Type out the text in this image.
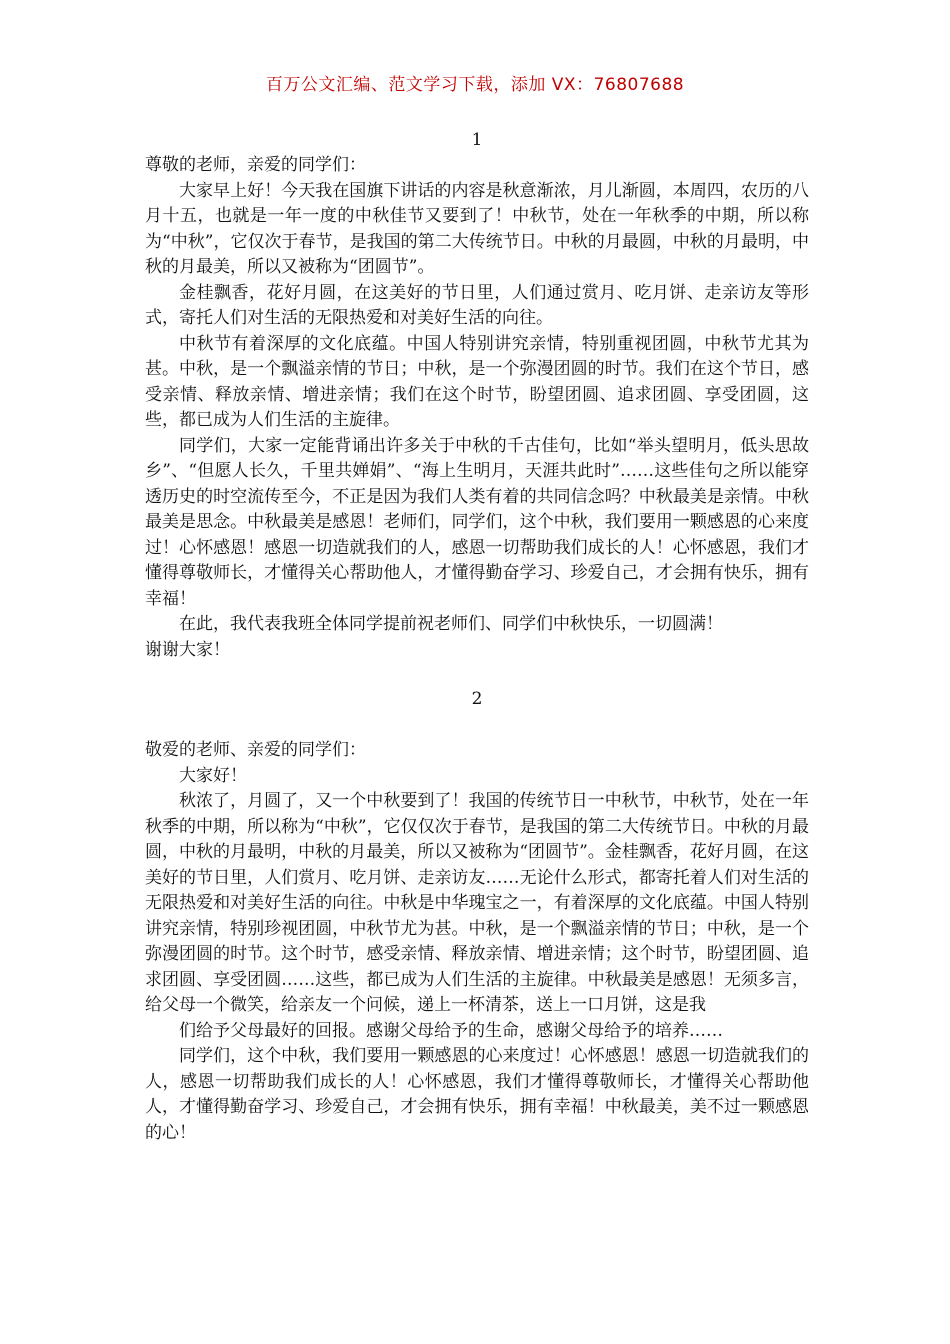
百万公文汇编、范文学习下载，添加 VX：76807688
1

尊敬的老师，亲爱的同学们：

大家早上好！今天我在国旗下讲话的内容是秋意渐浓，月儿渐圆，本周四，农历的八月十五，也就是一年一度的中秋佳节又要到了！中秋节，处在一年秋季的中期，所以称为“中秋”，它仅次于春节，是我国的第二大传统节日。中秋的月最圆，中秋的月最明，中秋的月最美，所以又被称为“团圆节”。

金桂飘香，花好月圆，在这美好的节日里，人们通过赏月、吃月饼、走亲访友等形式，寄托人们对生活的无限热爱和对美好生活的向往。

中秋节有着深厚的文化底蕴。中国人特别讲究亲情，特别重视团圆，中秋节尤其为甚。中秋，是一个飘溢亲情的节日；中秋，是一个弥漫团圆的时节。我们在这个节日，感受亲情、释放亲情、增进亲情；我们在这个时节，盼望团圆、追求团圆、享受团圆，这些，都已成为人们生活的主旋律。

同学们，大家一定能背诵出许多关于中秋的千古佳句，比如“举头望明月，低头思故乡”、“但愿人长久，千里共婵娟”、“海上生明月，天涯共此时”……这些佳句之所以能穿透历史的时空流传至今，不正是因为我们人类有着的共同信念吗？中秋最美是亲情。中秋最美是思念。中秋最美是感恩！老师们，同学们，这个中秋，我们要用一颗感恩的心来度过！心怀感恩！感恩一切造就我们的人，感恩一切帮助我们成长的人！心怀感恩，我们才懂得尊敬师长，才懂得关心帮助他人，才懂得勤奋学习、珍爱自己，才会拥有快乐，拥有幸福！

在此，我代表我班全体同学提前祝老师们、同学们中秋快乐，一切圆满！

谢谢大家！

2

敬爱的老师、亲爱的同学们：

大家好！

秋浓了，月圆了，又一个中秋要到了！我国的传统节日一中秋节，中秋节，处在一年秋季的中期，所以称为“中秋”，它仅仅次于春节，是我国的第二大传统节日。中秋的月最圆，中秋的月最明，中秋的月最美，所以又被称为“团圆节”。金桂飘香，花好月圆，在这美好的节日里，人们赏月、吃月饼、走亲访友……无论什么形式，都寄托着人们对生活的无限热爱和对美好生活的向往。中秋是中华瑰宝之一，有着深厚的文化底蕴。中国人特别讲究亲情，特别珍视团圆，中秋节尤为甚。中秋，是一个飘溢亲情的节日；中秋，是一个弥漫团圆的时节。这个时节，感受亲情、释放亲情、增进亲情；这个时节，盼望团圆、追求团圆、享受团圆……这些，都已成为人们生活的主旋律。中秋最美是感恩！无须多言，给父母一个微笑，给亲友一个问候，递上一杯清茶，送上一口月饼，这是我

们给予父母最好的回报。感谢父母给予的生命，感谢父母给予的培养……

同学们，这个中秋，我们要用一颗感恩的心来度过！心怀感恩！感恩一切造就我们的人，感恩一切帮助我们成长的人！心怀感恩，我们才懂得尊敬师长，才懂得关心帮助他人，才懂得勤奋学习、珍爱自己，才会拥有快乐，拥有幸福！中秋最美，美不过一颗感恩的心！
